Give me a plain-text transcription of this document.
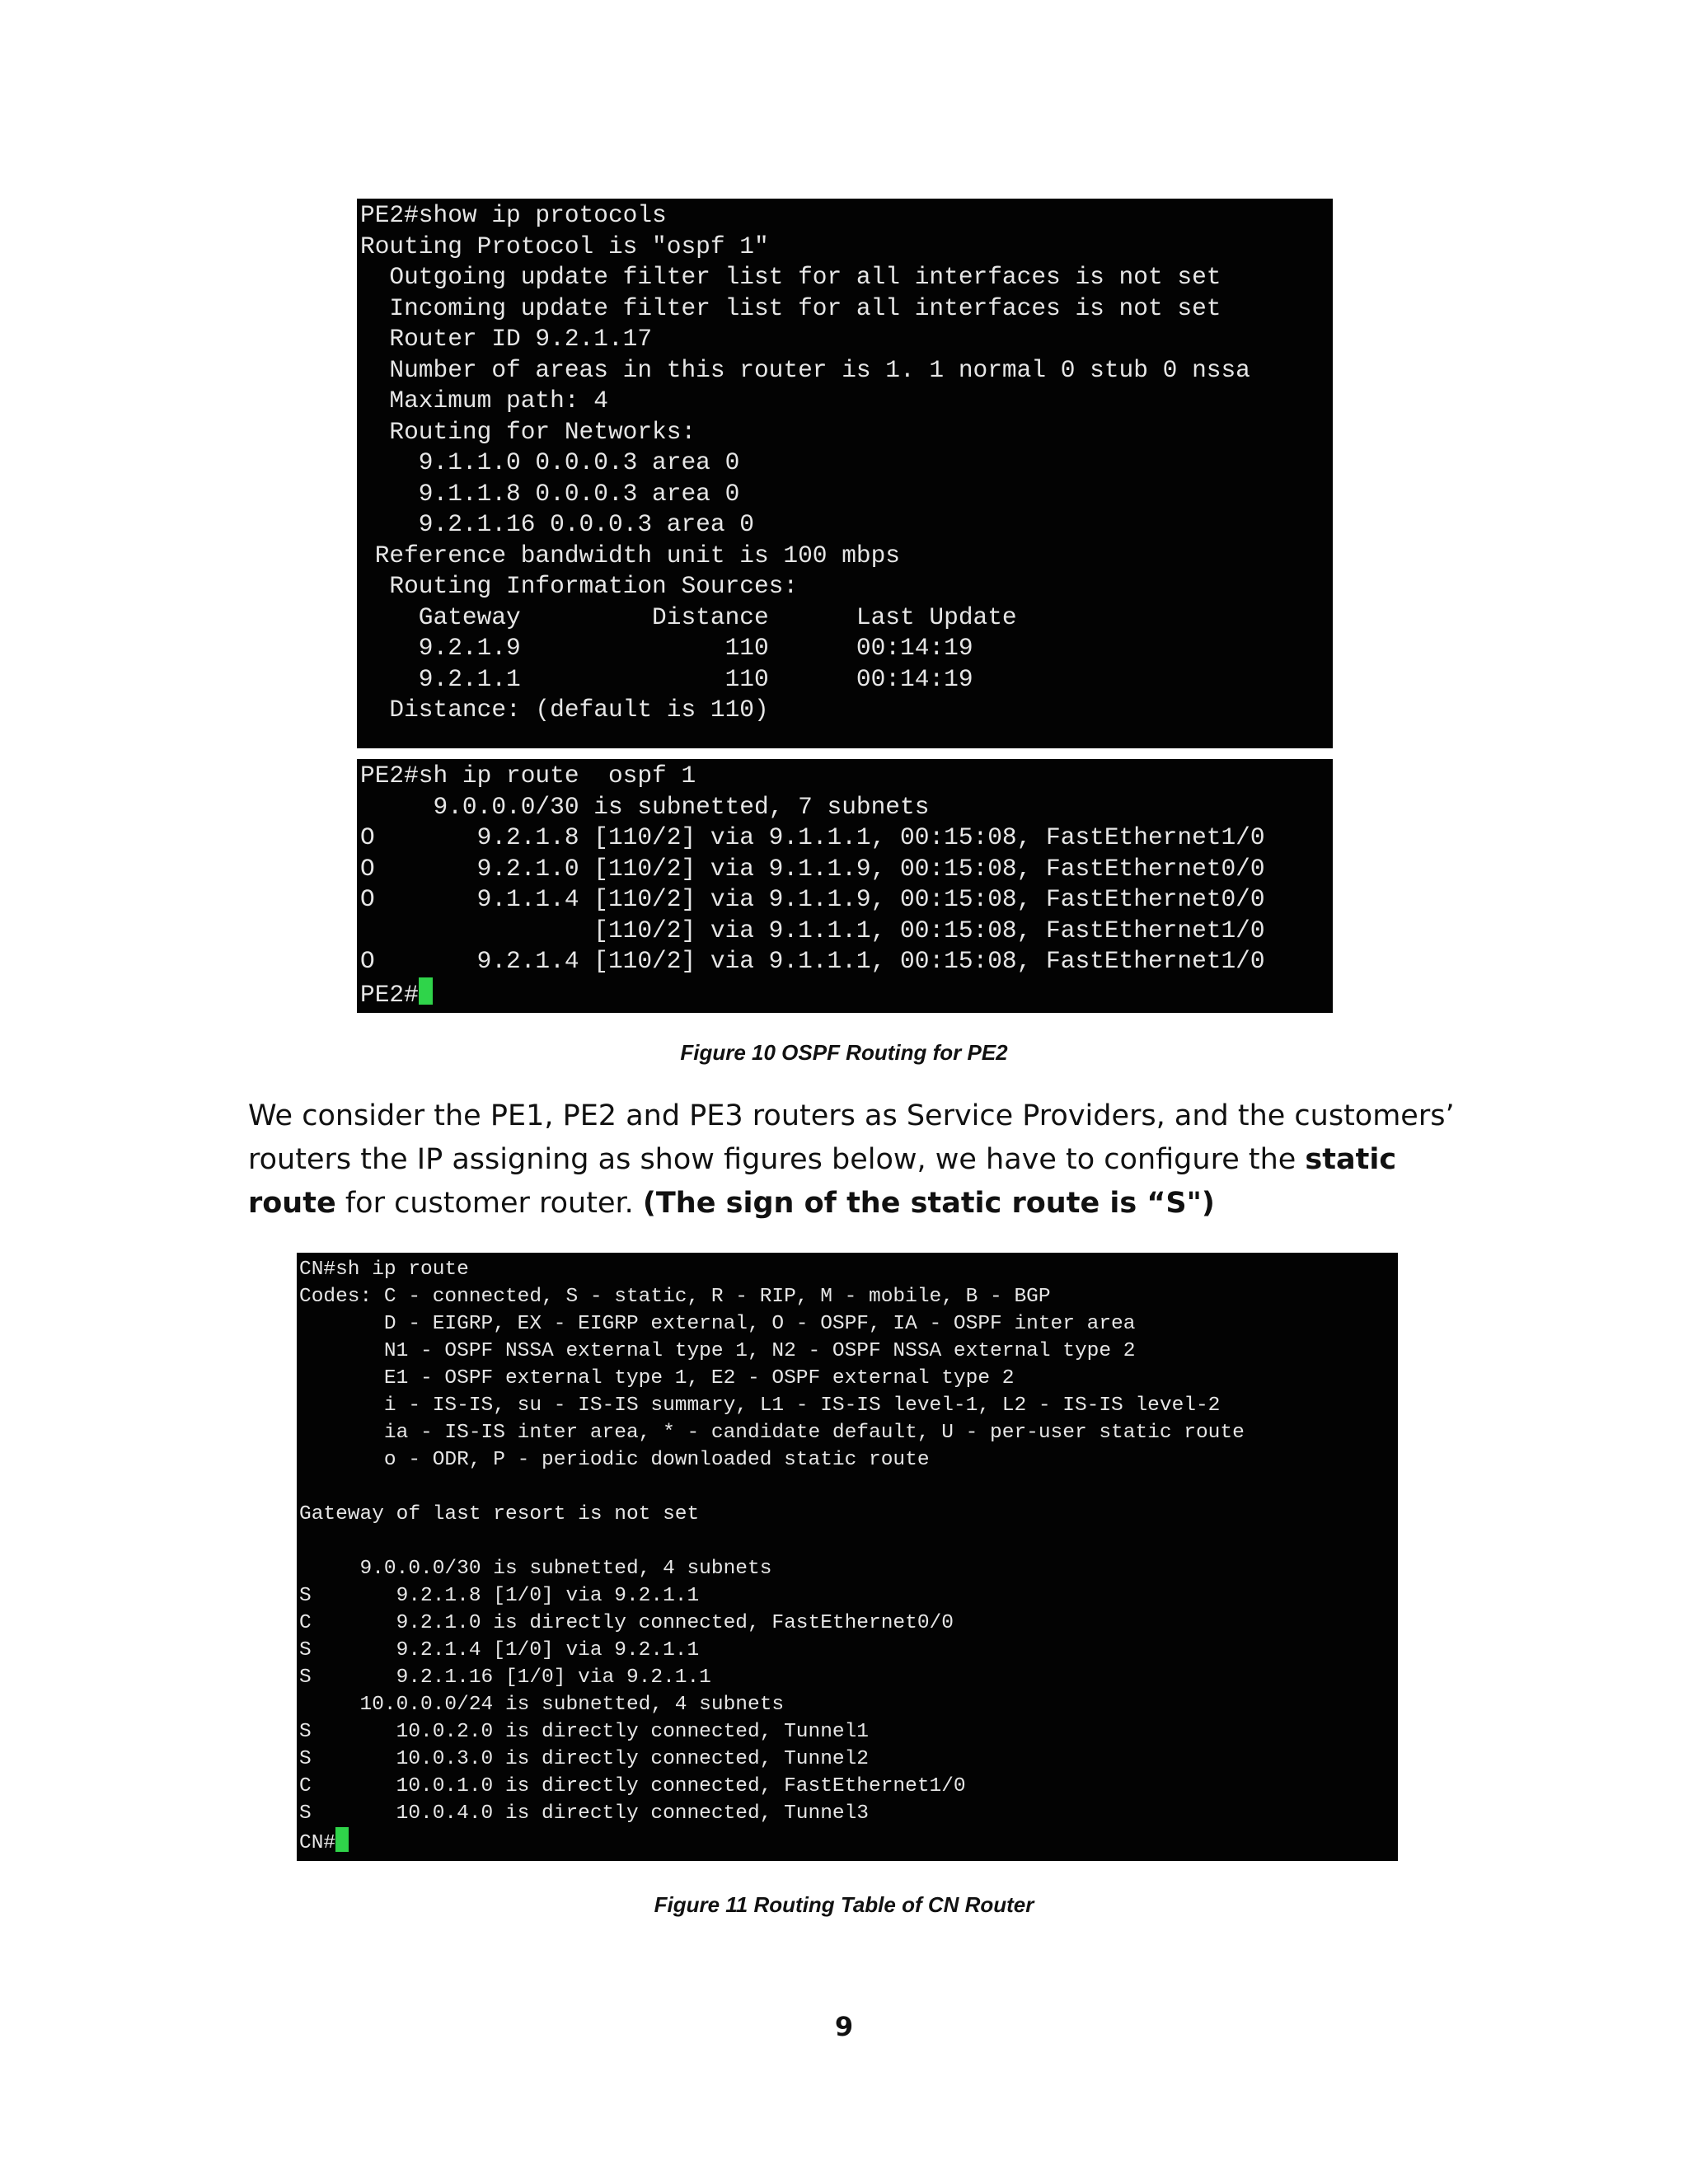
PE2#show ip protocols
Routing Protocol is "ospf 1"
Outgoing update filter list for all interfaces is not set
Incoming update filter list for all interfaces is not set
Router ID 9.2.1.17
Number of areas in this router is 1. 1 normal 0 stub 0 nssa
Maximum path: 4
Routing for Networks:
9.1.1.0 0.0.0.3 area 0
9.1.1.8 0.0.0.3 area 0
9.2.1.16 0.0.0.3 area 0
Reference bandwidth unit is 100 mbps
Routing Information Sources:
Gateway         Distance      Last Update
9.2.1.9              110      00:14:19
9.2.1.1              110      00:14:19
Distance: (default is 110)
PE2#sh ip route  ospf 1
9.0.0.0/30 is subnetted, 7 subnets
O       9.2.1.8 [110/2] via 9.1.1.1, 00:15:08, FastEthernet1/0
O       9.2.1.0 [110/2] via 9.1.1.9, 00:15:08, FastEthernet0/0
O       9.1.1.4 [110/2] via 9.1.1.9, 00:15:08, FastEthernet0/0
[110/2] via 9.1.1.1, 00:15:08, FastEthernet1/0
O       9.2.1.4 [110/2] via 9.1.1.1, 00:15:08, FastEthernet1/0
PE2#
Figure 10 OSPF Routing for PE2
We consider the PE1, PE2 and PE3 routers as Service Providers, and the customers’ routers the IP assigning as show figures below, we have to configure the static route for customer router. (The sign of the static route is “S")
CN#sh ip route
Codes: C - connected, S - static, R - RIP, M - mobile, B - BGP
D - EIGRP, EX - EIGRP external, O - OSPF, IA - OSPF inter area
N1 - OSPF NSSA external type 1, N2 - OSPF NSSA external type 2
E1 - OSPF external type 1, E2 - OSPF external type 2
i - IS-IS, su - IS-IS summary, L1 - IS-IS level-1, L2 - IS-IS level-2
ia - IS-IS inter area, * - candidate default, U - per-user static route
o - ODR, P - periodic downloaded static route

Gateway of last resort is not set

9.0.0.0/30 is subnetted, 4 subnets
S       9.2.1.8 [1/0] via 9.2.1.1
C       9.2.1.0 is directly connected, FastEthernet0/0
S       9.2.1.4 [1/0] via 9.2.1.1
S       9.2.1.16 [1/0] via 9.2.1.1
10.0.0.0/24 is subnetted, 4 subnets
S       10.0.2.0 is directly connected, Tunnel1
S       10.0.3.0 is directly connected, Tunnel2
C       10.0.1.0 is directly connected, FastEthernet1/0
S       10.0.4.0 is directly connected, Tunnel3
CN#
Figure 11 Routing Table of CN Router
9
